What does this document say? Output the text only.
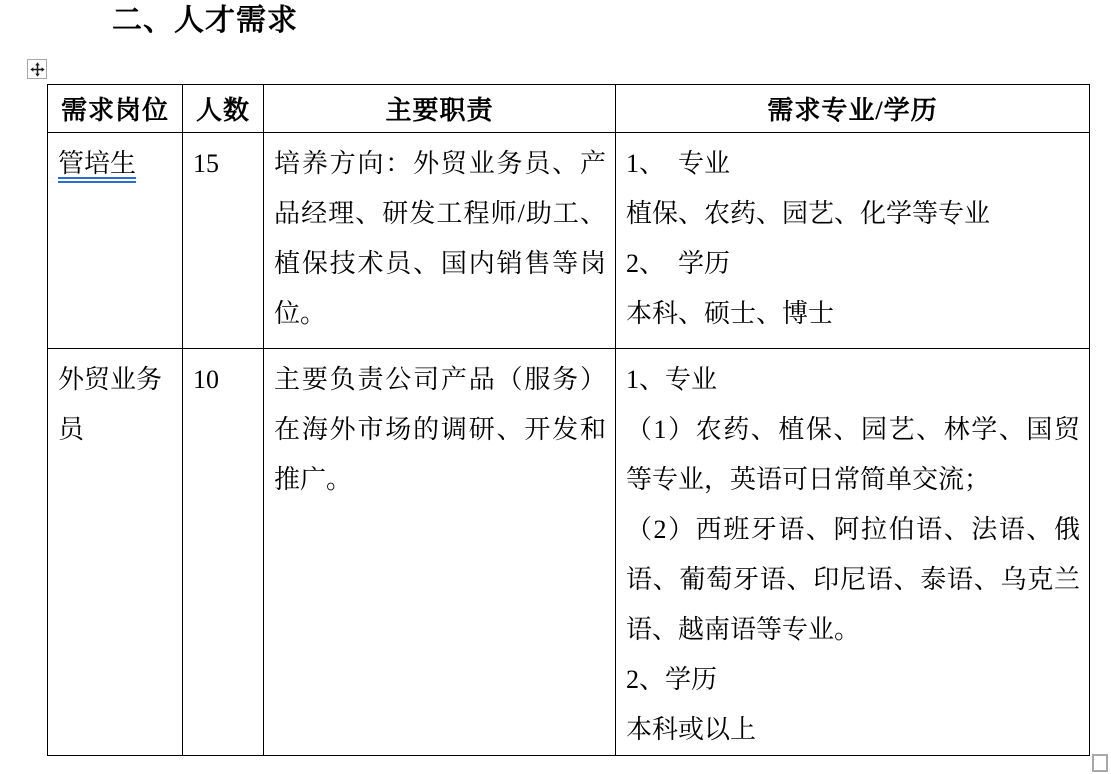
二、人才需求
需求岗位	人数	主要职责	需求专业/学历
管培生	15	培养方向：外贸业务员、产品经理、研发工程师/助工、植保技术员、国内销售等岗位。	1、　专业

植保、农药、园艺、化学等专业

2、　学历

本科、硕士、博士

外贸业务员	10	主要负责公司产品（服务）在海外市场的调研、开发和推广。	1、专业

（1）农药、植保、园艺、林学、国贸等专业，英语可日常简单交流；

（2）西班牙语、阿拉伯语、法语、俄语、葡萄牙语、印尼语、泰语、乌克兰语、越南语等专业。

2、学历

本科或以上
